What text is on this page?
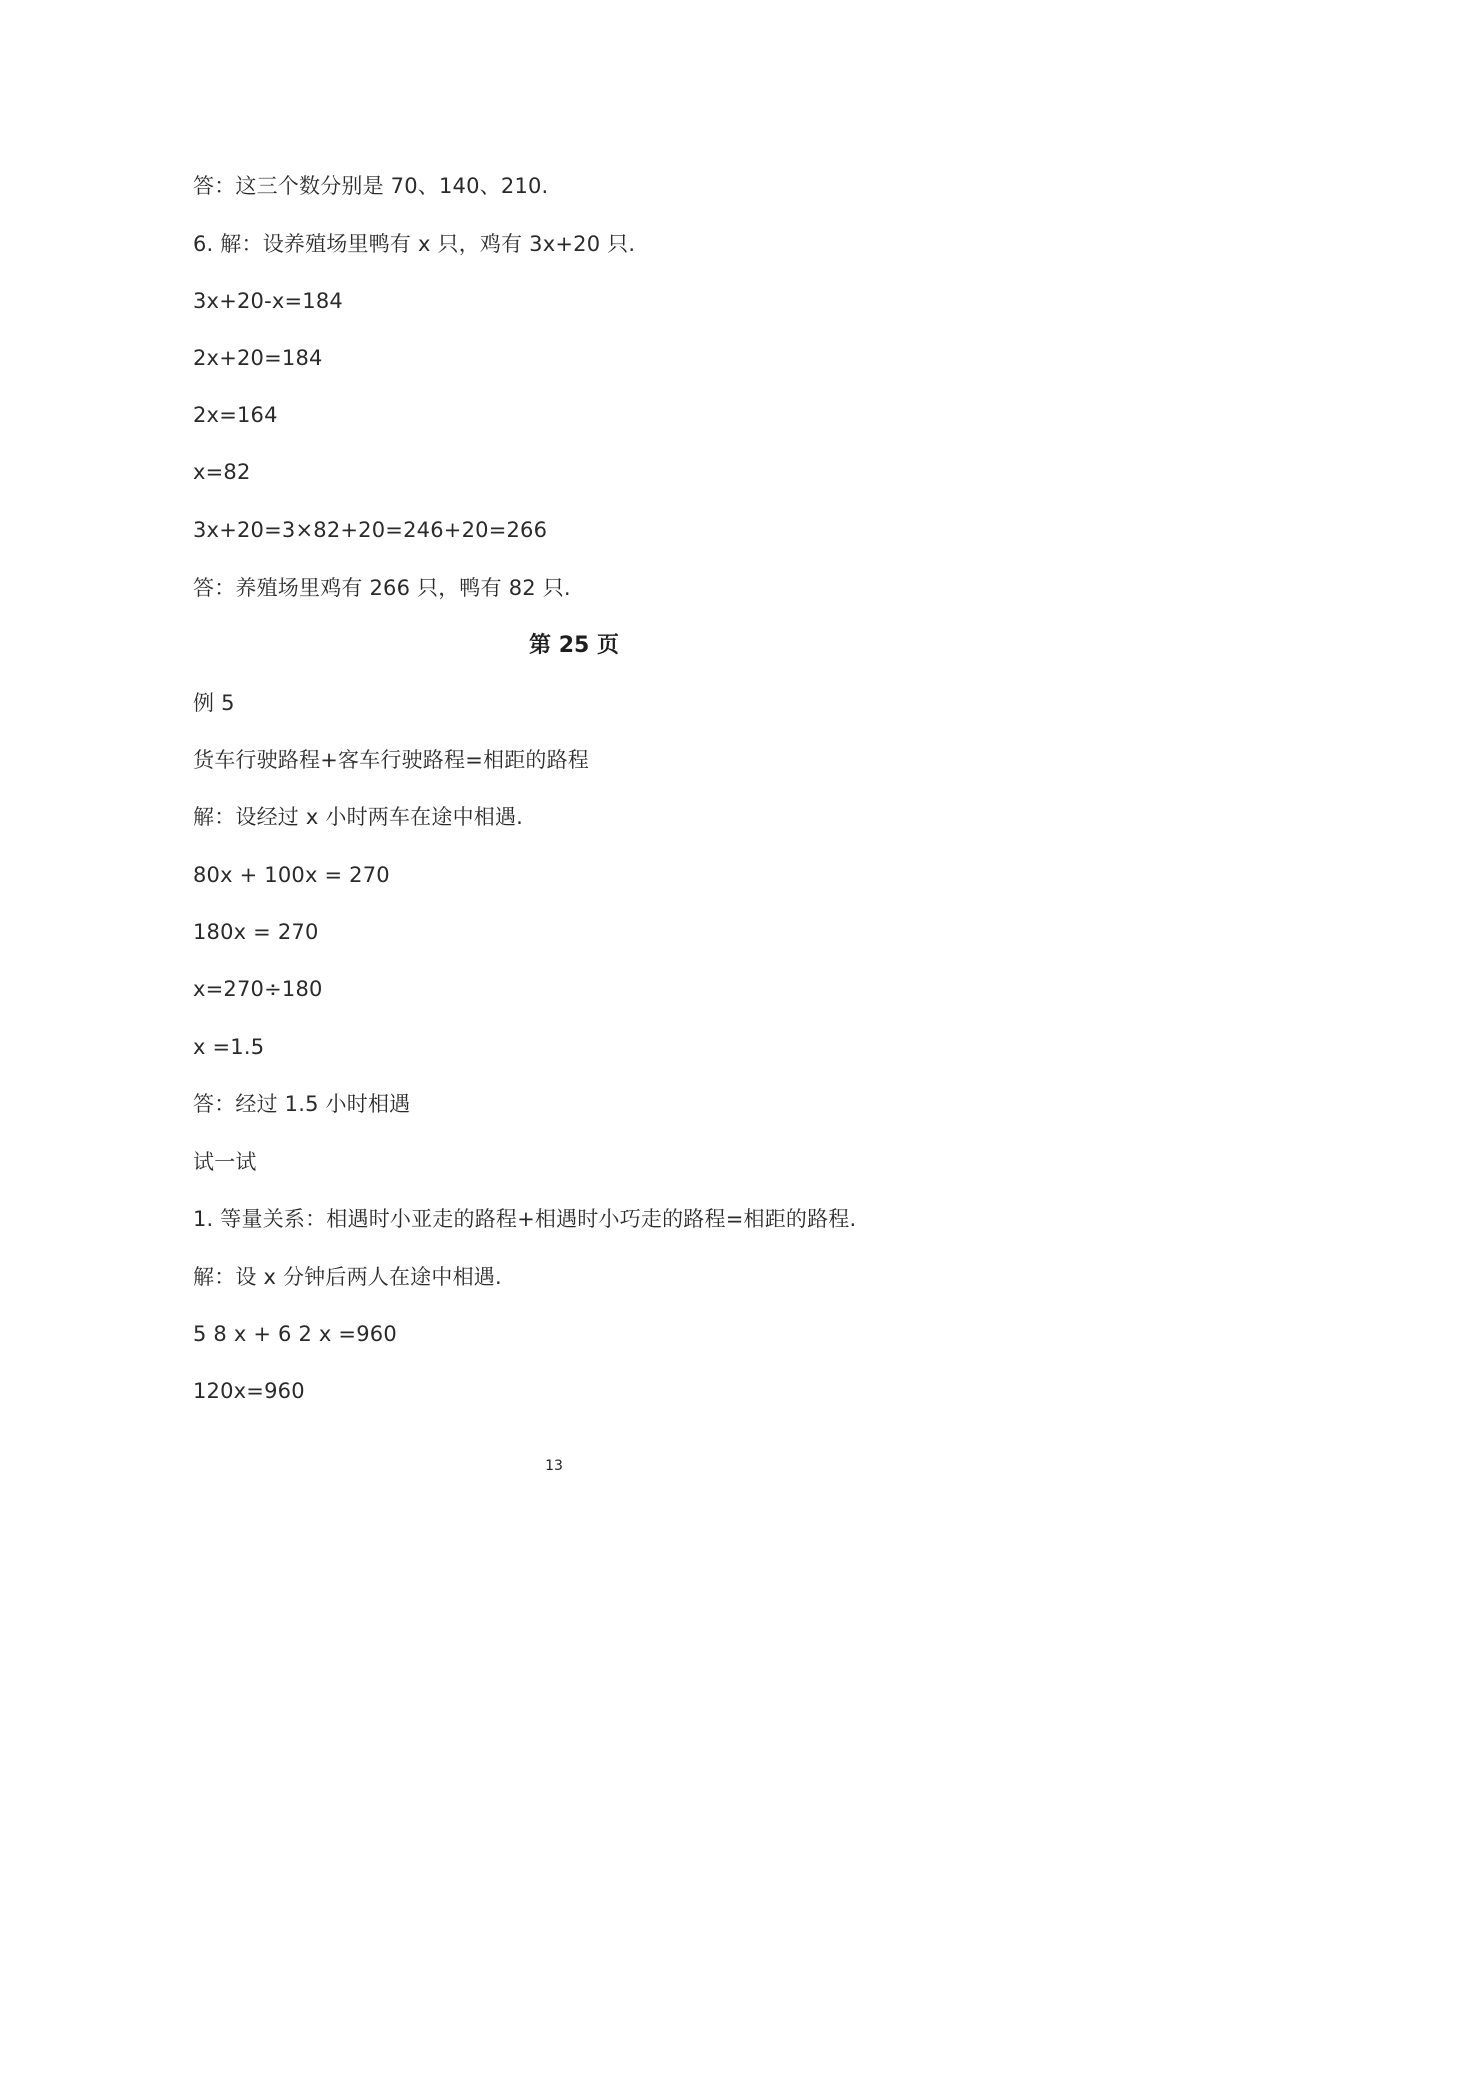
答：这三个数分别是 70、140、210.

6. 解：设养殖场里鸭有 x 只，鸡有 3x+20 只.

3x+20-x=184

2x+20=184

2x=164

x=82

3x+20=3×82+20=246+20=266

答：养殖场里鸡有 266 只，鸭有 82 只.

第 25 页

例 5

货车行驶路程+客车行驶路程=相距的路程

解：设经过 x 小时两车在途中相遇.

80x + 100x = 270

180x = 270

x=270÷180

x =1.5

答：经过 1.5 小时相遇

试一试

1. 等量关系：相遇时小亚走的路程+相遇时小巧走的路程=相距的路程.

解：设 x 分钟后两人在途中相遇.

5 8 x + 6 2 x =960

120x=960

13
